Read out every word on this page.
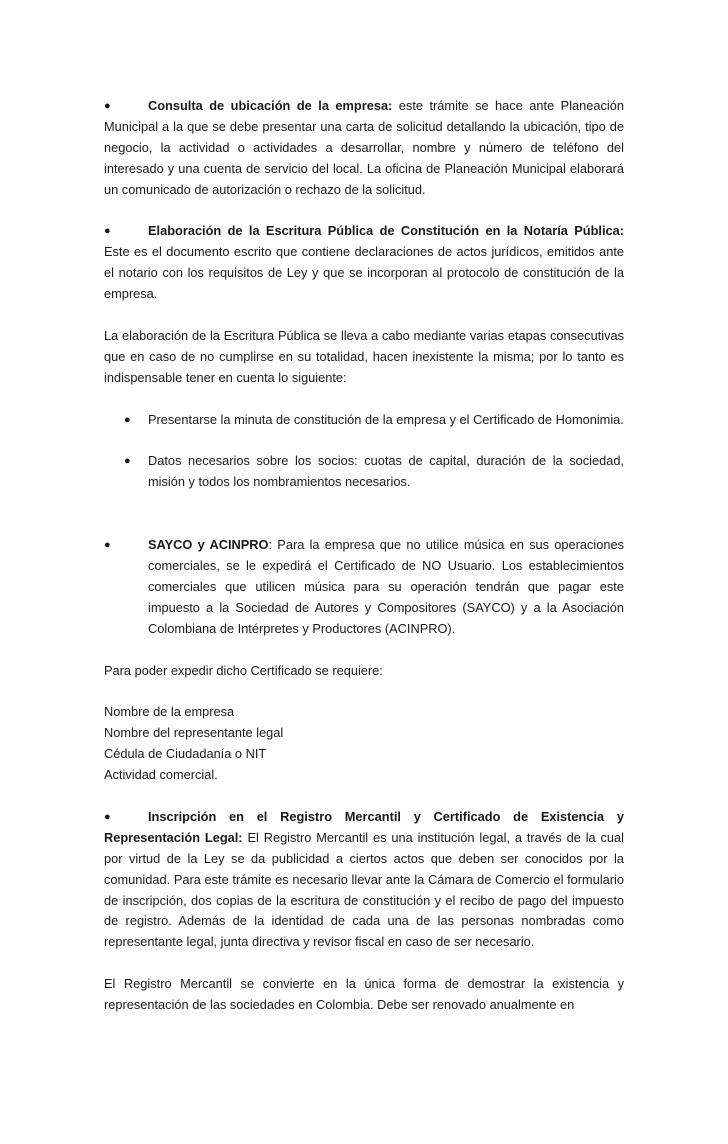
●	Consulta de ubicación de la empresa: este trámite se hace ante Planeación Municipal a la que se debe presentar una carta de solicitud detallando la ubicación, tipo de negocio, la actividad o actividades a desarrollar, nombre y número de teléfono del interesado y una cuenta de servicio del local. La oficina de Planeación Municipal elaborará un comunicado de autorización o rechazo de la solicitud.

●	Elaboración de la Escritura Pública de Constitución en la Notaría Pública: Este es el documento escrito que contiene declaraciones de actos jurídicos, emitidos ante el notario con los requisitos de Ley y que se incorporan al protocolo de constitución de la empresa.

La elaboración de la Escritura Pública se lleva a cabo mediante varias etapas consecutivas que en caso de no cumplirse en su totalidad, hacen inexistente la misma; por lo tanto es indispensable tener en cuenta lo siguiente:

● Presentarse la minuta de constitución de la empresa y el Certificado de Homonimia.

● Datos necesarios sobre los socios: cuotas de capital, duración de la sociedad, misión y todos los nombramientos necesarios.

●	SAYCO y ACINPRO: Para la empresa que no utilice música en sus operaciones comerciales, se le expedirá el Certificado de NO Usuario. Los establecimientos comerciales que utilicen música para su operación tendrán que pagar este impuesto a la Sociedad de Autores y Compositores (SAYCO) y a la Asociación Colombiana de Intérpretes y Productores (ACINPRO).

Para poder expedir dicho Certificado se requiere:

Nombre de la empresa

Nombre del representante legal

Cédula de Ciudadanía o NIT

Actividad comercial.

●	Inscripción en el Registro Mercantil y Certificado de Existencia y Representación Legal: El Registro Mercantil es una institución legal, a través de la cual por virtud de la Ley se da publicidad a ciertos actos que deben ser conocidos por la comunidad. Para este trámite es necesario llevar ante la Cámara de Comercio el formulario de inscripción, dos copias de la escritura de constitución y el recibo de pago del impuesto de registro. Además de la identidad de cada una de las personas nombradas como representante legal, junta directiva y revisor fiscal en caso de ser necesario.

El Registro Mercantil se convierte en la única forma de demostrar la existencia y representación de las sociedades en Colombia. Debe ser renovado anualmente en
